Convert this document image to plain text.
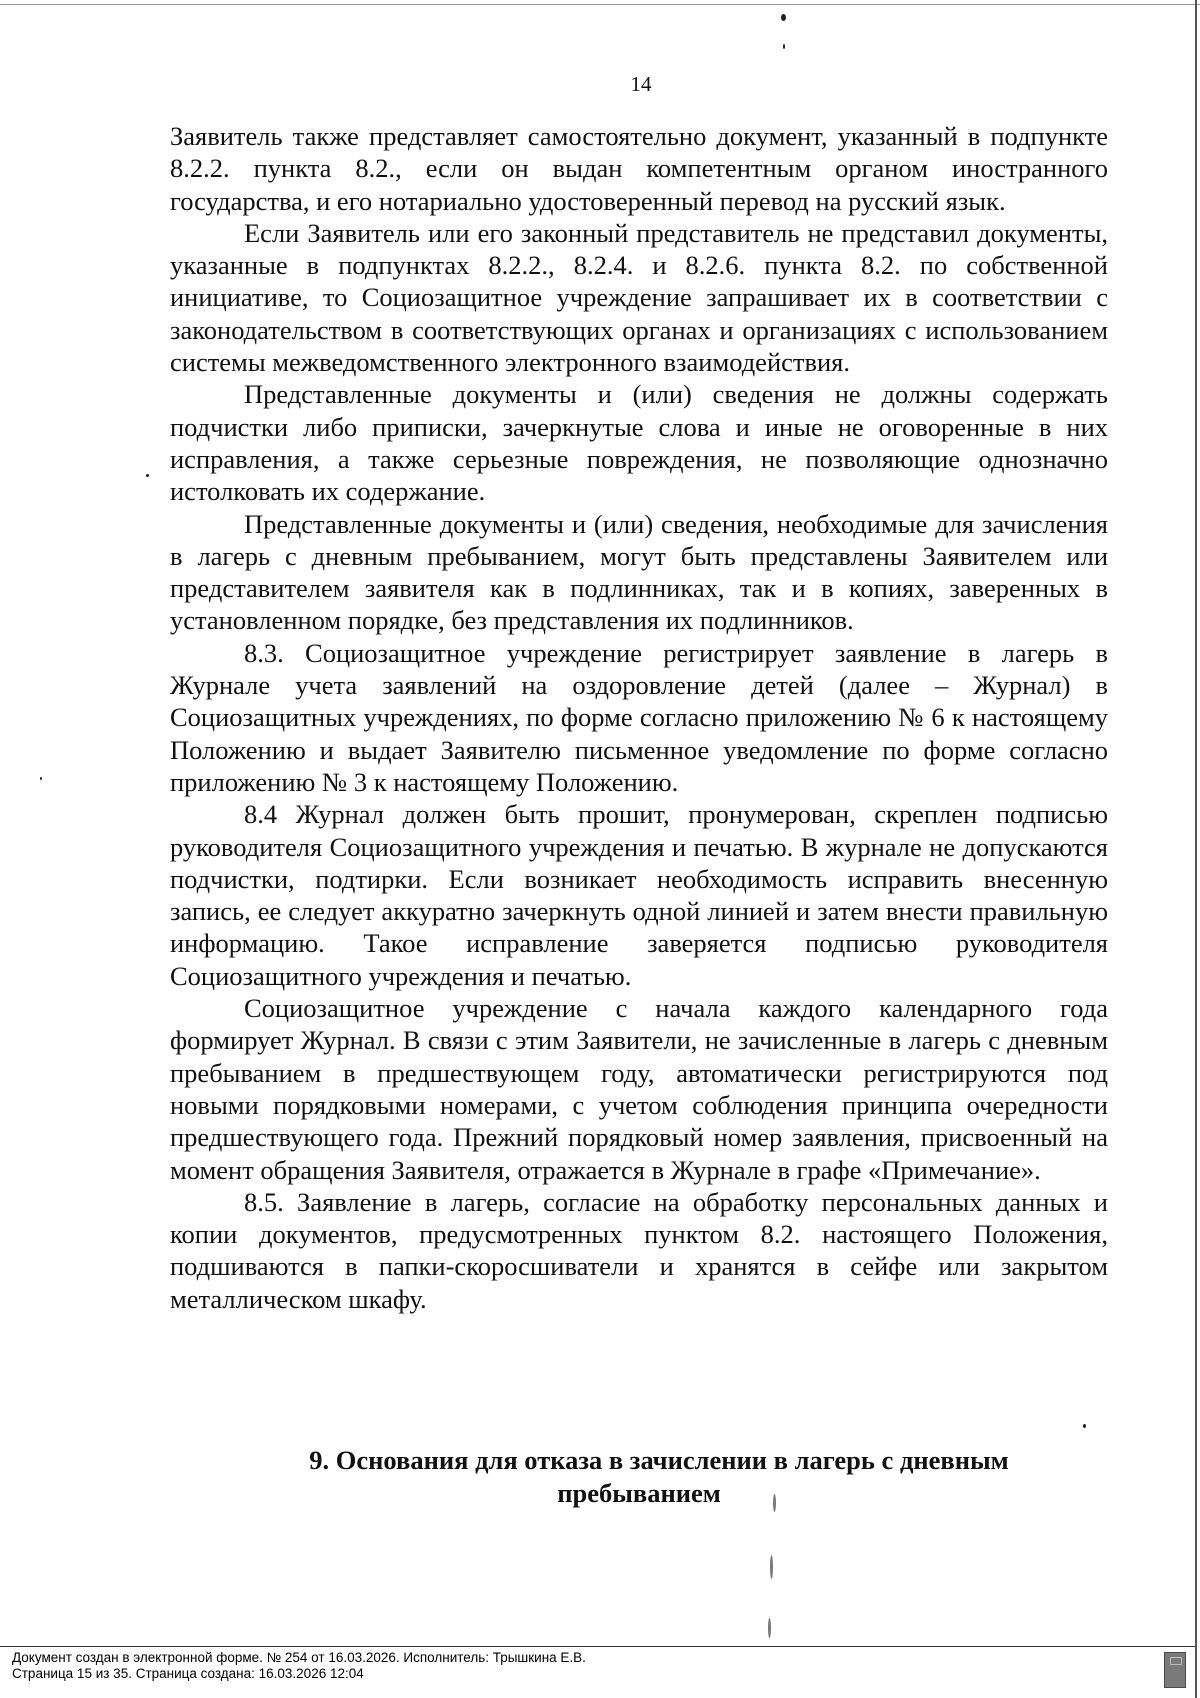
14

Заявитель также представляет самостоятельно документ, указанный в подпункте 8.2.2. пункта 8.2., если он выдан компетентным органом иностранного государства, и его нотариально удостоверенный перевод на русский язык.

Если Заявитель или его законный представитель не представил документы, указанные в подпунктах 8.2.2., 8.2.4. и 8.2.6. пункта 8.2. по собственной инициативе, то Социозащитное учреждение запрашивает их в соответствии с законодательством в соответствующих органах и организациях с использованием системы межведомственного электронного взаимодействия.

Представленные документы и (или) сведения не должны содержать подчистки либо приписки, зачеркнутые слова и иные не оговоренные в них исправления, а также серьезные повреждения, не позволяющие однозначно истолковать их содержание.

Представленные документы и (или) сведения, необходимые для зачисления в лагерь с дневным пребыванием, могут быть представлены Заявителем или представителем заявителя как в подлинниках, так и в копиях, заверенных в установленном порядке, без представления их подлинников.

8.3. Социозащитное учреждение регистрирует заявление в лагерь в Журнале учета заявлений на оздоровление детей (далее – Журнал) в Социозащитных учреждениях, по форме согласно приложению № 6 к настоящему Положению и выдает Заявителю письменное уведомление по форме согласно приложению № 3 к настоящему Положению.

8.4 Журнал должен быть прошит, пронумерован, скреплен подписью руководителя Социозащитного учреждения и печатью. В журнале не допускаются подчистки, подтирки. Если возникает необходимость исправить внесенную запись, ее следует аккуратно зачеркнуть одной линией и затем внести правильную информацию. Такое исправление заверяется подписью руководителя Социозащитного учреждения и печатью.

Социозащитное учреждение с начала каждого календарного года формирует Журнал. В связи с этим Заявители, не зачисленные в лагерь с дневным пребыванием в предшествующем году, автоматически регистрируются под новыми порядковыми номерами, с учетом соблюдения принципа очередности предшествующего года. Прежний порядковый номер заявления, присвоенный на момент обращения Заявителя, отражается в Журнале в графе «Примечание».

8.5. Заявление в лагерь, согласие на обработку персональных данных и копии документов, предусмотренных пунктом 8.2. настоящего Положения, подшиваются в папки-скоросшиватели и хранятся в сейфе или закрытом металлическом шкафу.

9. Основания для отказа в зачислении в лагерь с дневным
пребыванием
Документ создан в электронной форме. № 254 от 16.03.2026. Исполнитель: Трышкина Е.В.
Страница 15 из 35. Страница создана: 16.03.2026 12:04
